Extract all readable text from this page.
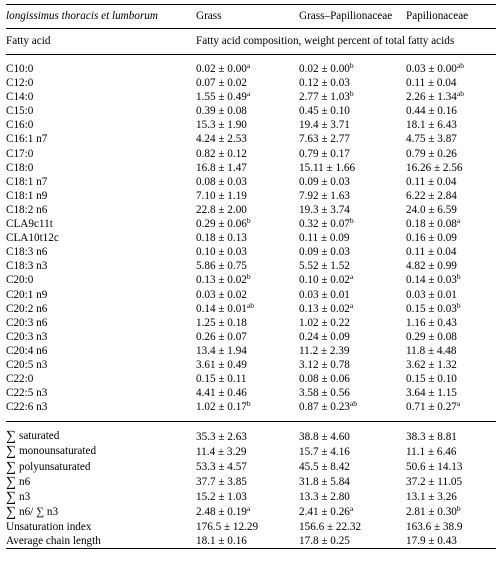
longissimus thoracis et lumborum	Grass	Grass–Papilionaceae	Papilionaceae
Fatty acid	Fatty acid composition, weight percent of total fatty acids		

C10:0	0.02 ± 0.00$^a$	0.02 ± 0.00$^b$	0.03 ± 0.00$^{ab}$
C12:0	0.07 ± 0.02	0.12 ± 0.03	0.11 ± 0.04
C14:0	1.55 ± 0.49$^a$	2.77 ± 1.03$^b$	2.26 ± 1.34$^{ab}$
C15:0	0.39 ± 0.08	0.45 ± 0.10	0.44 ± 0.16
C16:0	15.3 ± 1.90	19.4 ± 3.71	18.1 ± 6.43
C16:1 n7	4.24 ± 2.53	7.63 ± 2.77	4.75 ± 3.87
C17:0	0.82 ± 0.12	0.79 ± 0.17	0.79 ± 0.26
C18:0	16.8 ± 1.47	15.11 ± 1.66	16.26 ± 2.56
C18:1 n7	0.08 ± 0.03	0.09 ± 0.03	0.11 ± 0.04
C18:1 n9	7.10 ± 1.19	7.92 ± 1.63	6.22 ± 2.84
C18:2 n6	22.8 ± 2.00	19.3 ± 3.74	24.0 ± 6.59
CLA9c11t	0.29 ± 0.06$^b$	0.32 ± 0.07$^b$	0.18 ± 0.08$^a$
CLA10t12c	0.18 ± 0.13	0.11 ± 0.09	0.16 ± 0.09
C18:3 n6	0.10 ± 0.03	0.09 ± 0.03	0.11 ± 0.04
C18:3 n3	5.86 ± 0.75	5.52 ± 1.52	4.82 ± 0.99
C20:0	0.13 ± 0.02$^b$	0.10 ± 0.02$^a$	0.14 ± 0.03$^b$
C20:1 n9	0.03 ± 0.02	0.03 ± 0.01	0.03 ± 0.01
C20:2 n6	0.14 ± 0.01$^{ab}$	0.13 ± 0.02$^a$	0.15 ± 0.03$^b$
C20:3 n6	1.25 ± 0.18	1.02 ± 0.22	1.16 ± 0.43
C20:3 n3	0.26 ± 0.07	0.24 ± 0.09	0.29 ± 0.08
C20:4 n6	13.4 ± 1.94	11.2 ± 2.39	11.8 ± 4.48
C20:5 n3	3.61 ± 0.49	3.12 ± 0.78	3.62 ± 1.32
C22:0	0.15 ± 0.11	0.08 ± 0.06	0.15 ± 0.10
C22:5 n3	4.41 ± 0.46	3.58 ± 0.56	3.64 ± 1.15
C22:6 n3	1.02 ± 0.17$^b$	0.87 ± 0.23$^{ab}$	0.71 ± 0.27$^a$

∑ saturated	35.3 ± 2.63	38.8 ± 4.60	38.3 ± 8.81
∑ monounsaturated	11.4 ± 3.29	15.7 ± 4.16	11.1 ± 6.46
∑ polyunsaturated	53.3 ± 4.57	45.5 ± 8.42	50.6 ± 14.13
∑ n6	37.7 ± 3.85	31.8 ± 5.84	37.2 ± 11.05
∑ n3	15.2 ± 1.03	13.3 ± 2.80	13.1 ± 3.26
∑ n6/ ∑ n3	2.48 ± 0.19$^a$	2.41 ± 0.26$^a$	2.81 ± 0.30$^b$
Unsaturation index	176.5 ± 12.29	156.6 ± 22.32	163.6 ± 38.9
Average chain length	18.1 ± 0.16	17.8 ± 0.25	17.9 ± 0.43
